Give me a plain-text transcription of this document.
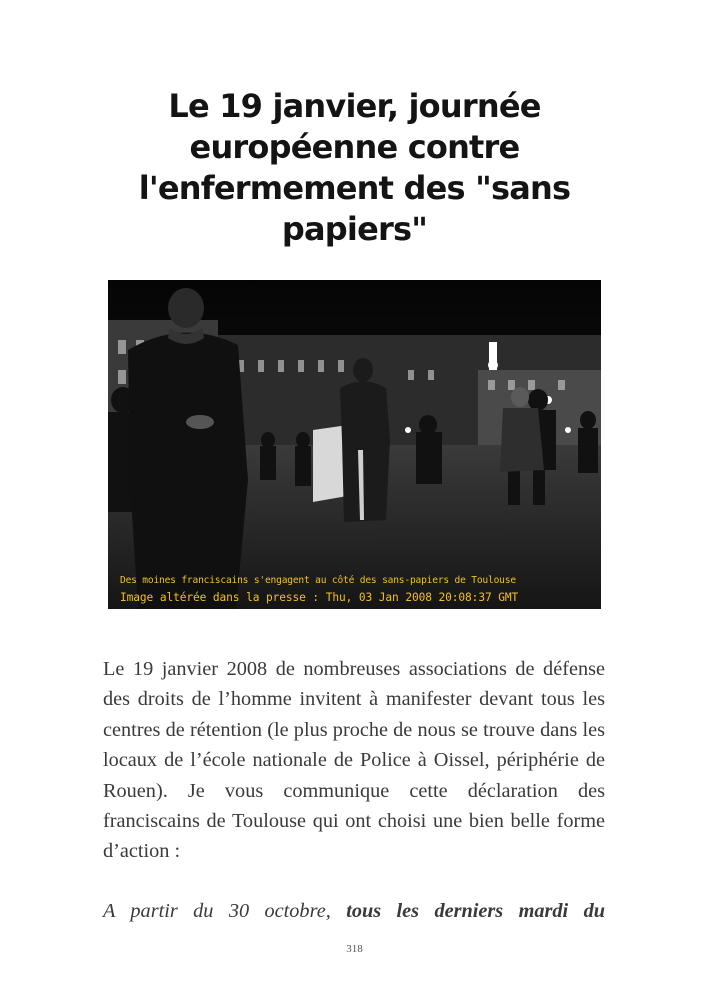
Le 19 janvier, journée européenne contre l'enfermement des "sans papiers"
Des moines franciscains s'engagent au côté des sans-papiers de Toulouse
Image altérée dans la presse : Thu, 03 Jan 2008 20:08:37 GMT

Le 19 janvier 2008 de nombreuses associations de défense des droits de l’homme invitent à manifester devant tous les centres de rétention (le plus proche de nous se trouve dans les locaux de l’école nationale de Police à Oissel, périphérie de Rouen). Je vous communique cette déclaration des franciscains de Toulouse qui ont choisi une bien belle forme d’action :

A partir du 30 octobre, tous les derniers mardi du

318
